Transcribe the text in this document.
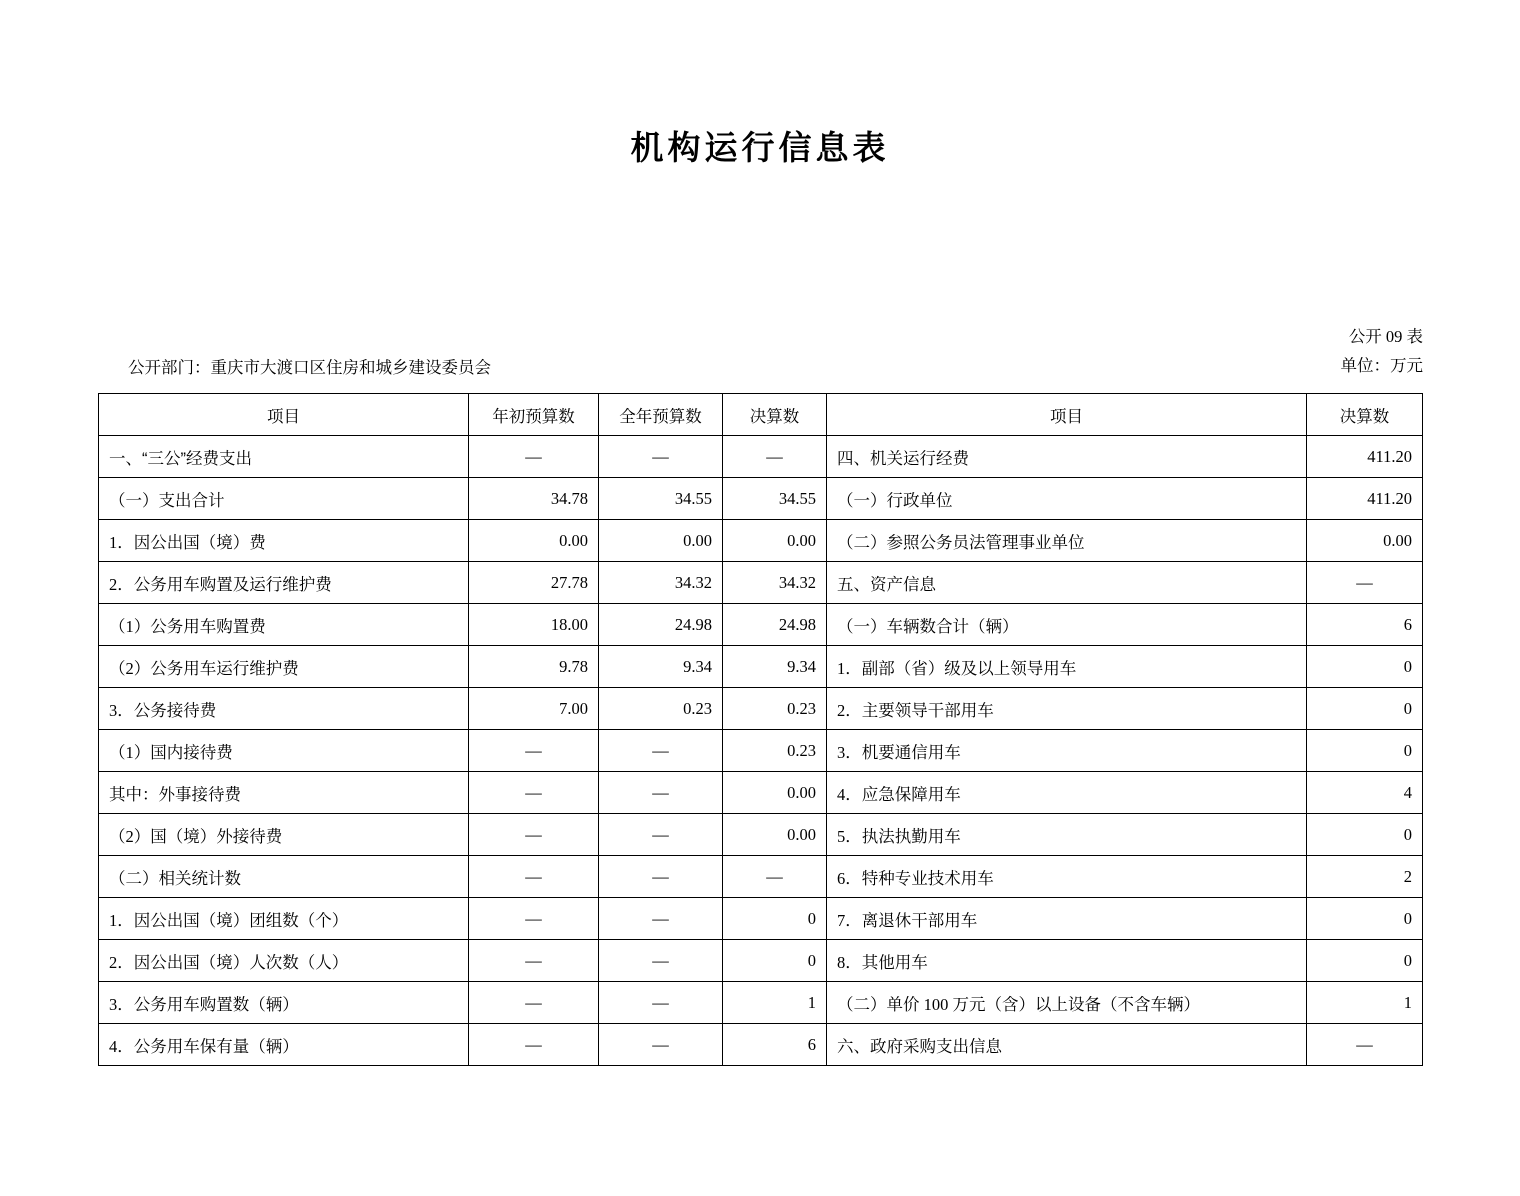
机构运行信息表
公开 09 表
单位：万元
公开部门：重庆市大渡口区住房和城乡建设委员会
项目	年初预算数	全年预算数	决算数	项目	决算数
一、“三公”经费支出	—	—	—	四、机关运行经费	411.20
（一）支出合计	34.78	34.55	34.55	（一）行政单位	411.20
1．因公出国（境）费	0.00	0.00	0.00	（二）参照公务员法管理事业单位	0.00
2．公务用车购置及运行维护费	27.78	34.32	34.32	五、资产信息	—
（1）公务用车购置费	18.00	24.98	24.98	（一）车辆数合计（辆）	6
（2）公务用车运行维护费	9.78	9.34	9.34	1．副部（省）级及以上领导用车	0
3．公务接待费	7.00	0.23	0.23	2．主要领导干部用车	0
（1）国内接待费	—	—	0.23	3．机要通信用车	0
其中：外事接待费	—	—	0.00	4．应急保障用车	4
（2）国（境）外接待费	—	—	0.00	5．执法执勤用车	0
（二）相关统计数	—	—	—	6．特种专业技术用车	2
1．因公出国（境）团组数（个）	—	—	0	7．离退休干部用车	0
2．因公出国（境）人次数（人）	—	—	0	8．其他用车	0
3．公务用车购置数（辆）	—	—	1	（二）单价 100 万元（含）以上设备（不含车辆）	1
4．公务用车保有量（辆）	—	—	6	六、政府采购支出信息	—
